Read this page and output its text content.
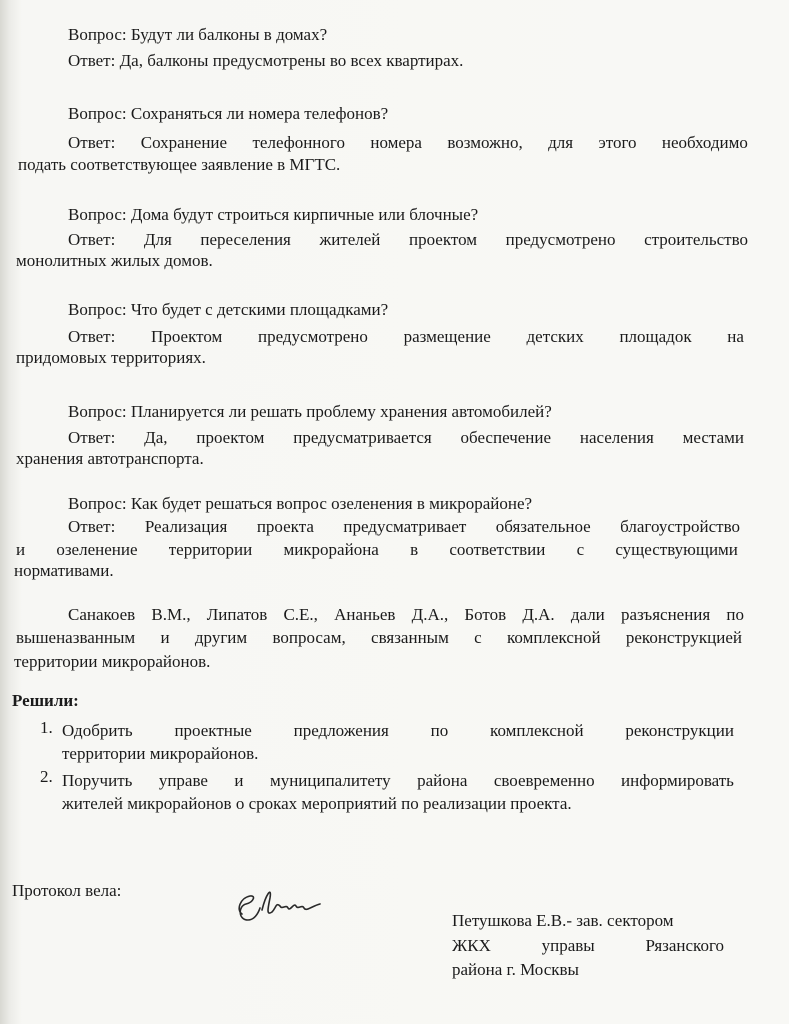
Вопрос: Будут ли балконы в домах?
Ответ: Да, балконы предусмотрены во всех квартирах.
Вопрос: Сохраняться ли номера телефонов?
Ответ: Сохранение телефонного номера возможно, для этого необходимо
подать соответствующее заявление в МГТС.
Вопрос: Дома будут строиться кирпичные или блочные?
Ответ: Для переселения жителей проектом предусмотрено строительство
монолитных жилых домов.
Вопрос: Что будет с детскими площадками?
Ответ: Проектом предусмотрено размещение детских площадок на
придомовых территориях.
Вопрос: Планируется ли решать проблему хранения автомобилей?
Ответ: Да, проектом предусматривается обеспечение населения местами
хранения автотранспорта.
Вопрос: Как будет решаться вопрос озеленения в микрорайоне?
Ответ: Реализация проекта предусматривает обязательное благоустройство
и озеленение территории микрорайона в соответствии с существующими
нормативами.
Санакоев В.М., Липатов С.Е., Ананьев Д.А., Ботов Д.А. дали разъяснения по
вышеназванным и другим вопросам, связанным с комплексной реконструкцией
территории микрорайонов.
Решили:
1. Одобрить проектные предложения по комплексной реконструкции
территории микрорайонов.
2. Поручить управе и муниципалитету района своевременно информировать
жителей микрорайонов о сроках мероприятий по реализации проекта.
Протокол вела:
Петушкова Е.В.- зав. сектором
ЖКХ	управы	Рязанского
района г. Москвы
